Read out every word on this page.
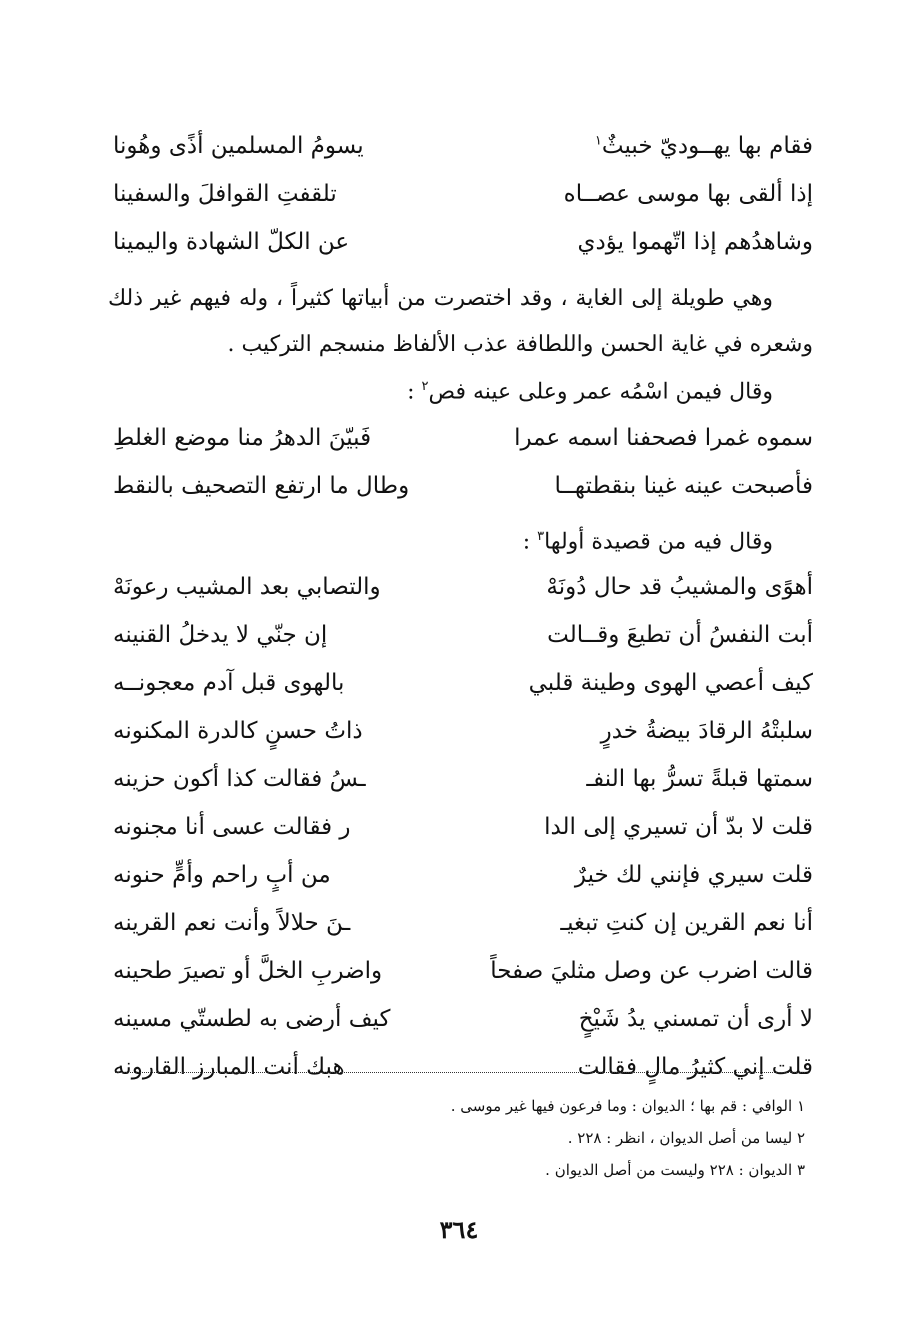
فقام بها يهــوديّ خبيثٌ$^١$
يسومُ المسلمين أذًى وهُونا
إذا ألقى بها موسى عصــاه
تلقفتِ القوافلَ والسفينا
وشاهدُهم إذا اتّهموا يؤدي
عن الكلّ الشهادة واليمينا
وهي طويلة إلى الغاية ، وقد اختصرت من أبياتها كثيراً ، وله فيهم غير ذلك وشعره في غاية الحسن واللطافة عذب الألفاظ منسجم التركيب .
وقال فيمن اسْمُه عمر وعلى عينه فص$^٢$ :
سموه غمرا فصحفنا اسمه عمرا
فَبيّنَ الدهرُ منا موضع الغلطِ
فأصبحت عينه غينا بنقطتهــا
وطال ما ارتفع التصحيف بالنقط
وقال فيه من قصيدة أولها$^٣$ :
أهوًى والمشيبُ قد حال دُونَهْ
والتصابي بعد المشيب رعونَهْ
أبت النفسُ أن تطيعَ وقــالت
إن جنّي لا يدخلُ القنينه
كيف أعصي الهوى وطينة قلبي
بالهوى قبل آدم معجونــه
سلبتْهُ الرقادَ بيضةُ خدرٍ
ذاتُ حسنٍ كالدرة المكنونه
سمتها قبلةً تسرُّ بها النفـ
ـسُ فقالت كذا أكون حزينه
قلت لا بدّ أن تسيري إلى الدا
ر فقالت عسى أنا مجنونه
قلت سيري فإنني لك خيرٌ
من أبٍ راحم وأمٍّ حنونه
أنا نعم القرين إن كنتِ تبغيـ
ـنَ حلالاً وأنت نعم القرينه
قالت اضرب عن وصل مثليَ صفحاً
واضربِ الخلَّ أو تصيرَ طحينه
لا أرى أن تمسني يدُ شَيْخٍ
كيف أرضى به لطستّي مسينه
قلت إني كثيرُ مالٍ فقالت
هبك أنت المبارز القارونه
١ الوافي : قم بها ؛ الديوان : وما فرعون فيها غير موسى .
٢ ليسا من أصل الديوان ، انظر : ٢٢٨ .
٣ الديوان : ٢٢٨ وليست من أصل الديوان .
٣٦٤
